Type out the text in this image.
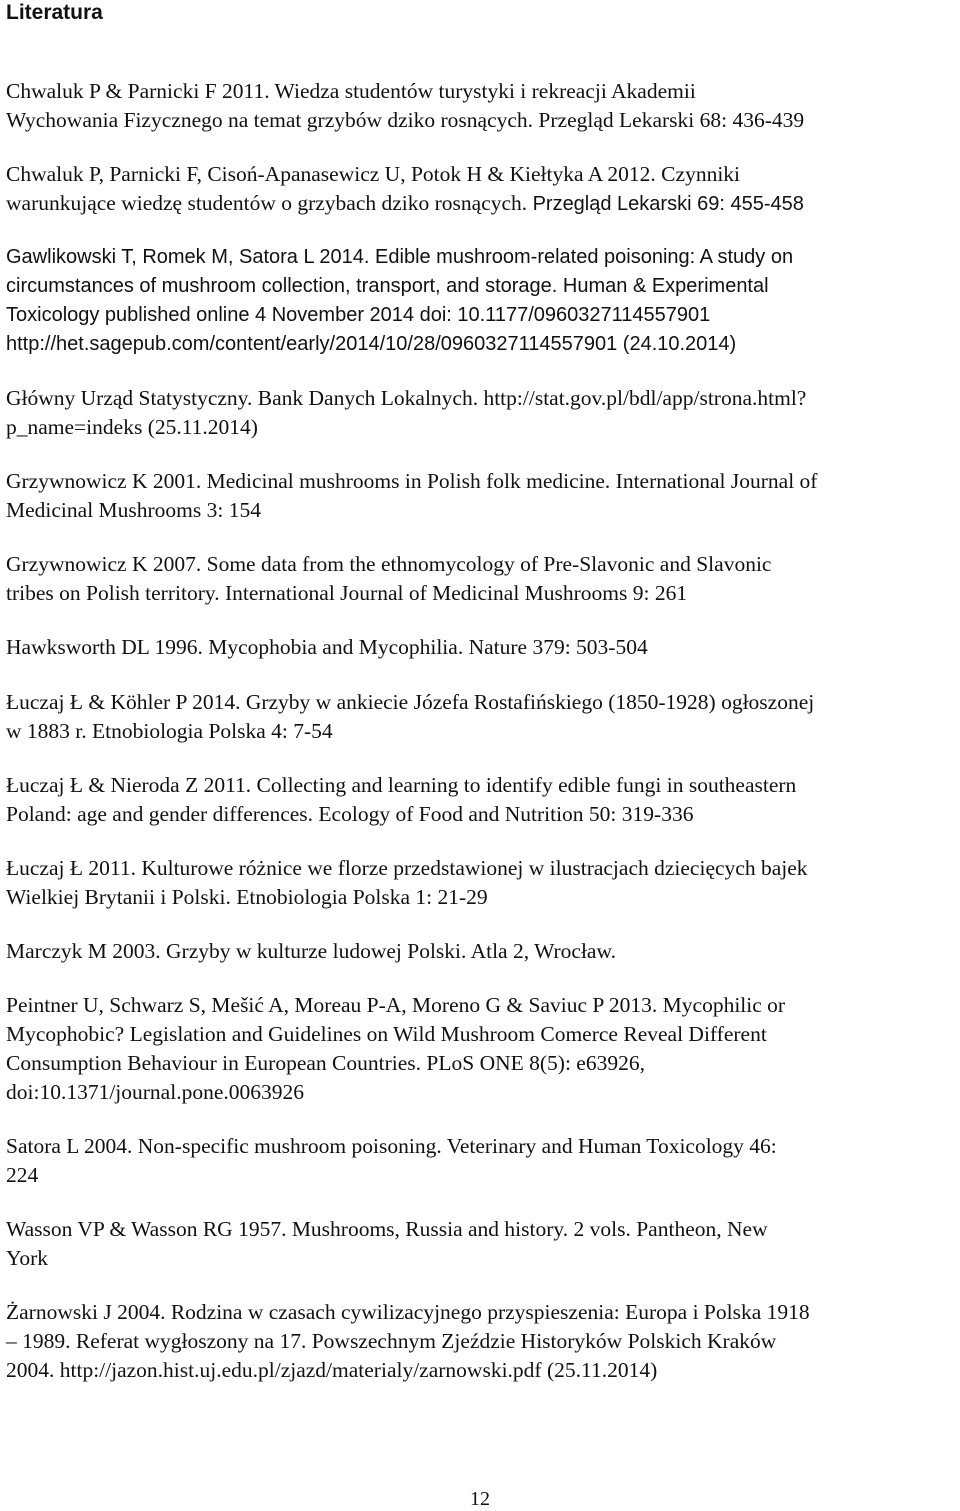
Literatura
Chwaluk P & Parnicki F 2011. Wiedza studentów turystyki i rekreacji Akademii
Wychowania Fizycznego na temat grzybów dziko rosnących. Przegląd Lekarski 68: 436-439
Chwaluk P, Parnicki F, Cisoń-Apanasewicz U, Potok H & Kiełtyka A 2012. Czynniki
warunkujące wiedzę studentów o grzybach dziko rosnących. Przegląd Lekarski 69: 455-458
Gawlikowski T, Romek M, Satora L 2014. Edible mushroom-related poisoning: A study on
circumstances of mushroom collection, transport, and storage. Human & Experimental
Toxicology published online 4 November 2014 doi: 10.1177/0960327114557901
http://het.sagepub.com/content/early/2014/10/28/0960327114557901 (24.10.2014)
Główny Urząd Statystyczny. Bank Danych Lokalnych. http://stat.gov.pl/bdl/app/strona.html?
p_name=indeks (25.11.2014)
Grzywnowicz K 2001. Medicinal mushrooms in Polish folk medicine. International Journal of
Medicinal Mushrooms 3: 154
Grzywnowicz K 2007. Some data from the ethnomycology of Pre-Slavonic and Slavonic
tribes on Polish territory. International Journal of Medicinal Mushrooms 9: 261
Hawksworth DL 1996. Mycophobia and Mycophilia. Nature 379: 503-504
Łuczaj Ł & Köhler P 2014. Grzyby w ankiecie Józefa Rostafińskiego (1850-1928) ogłoszonej
w 1883 r. Etnobiologia Polska 4: 7-54
Łuczaj Ł & Nieroda Z 2011. Collecting and learning to identify edible fungi in southeastern
Poland: age and gender differences. Ecology of Food and Nutrition 50: 319-336
Łuczaj Ł 2011. Kulturowe różnice we florze przedstawionej w ilustracjach dziecięcych bajek
Wielkiej Brytanii i Polski. Etnobiologia Polska 1: 21-29
Marczyk M 2003. Grzyby w kulturze ludowej Polski. Atla 2, Wrocław.
Peintner U, Schwarz S, Mešić A, Moreau P-A, Moreno G & Saviuc P 2013. Mycophilic or
Mycophobic? Legislation and Guidelines on Wild Mushroom Comerce Reveal Different
Consumption Behaviour in European Countries. PLoS ONE 8(5): e63926,
doi:10.1371/journal.pone.0063926
Satora L 2004. Non-specific mushroom poisoning. Veterinary and Human Toxicology 46:
224
Wasson VP & Wasson RG 1957. Mushrooms, Russia and history. 2 vols. Pantheon, New
York
Żarnowski J 2004. Rodzina w czasach cywilizacyjnego przyspieszenia: Europa i Polska 1918
– 1989. Referat wygłoszony na 17. Powszechnym Zjeździe Historyków Polskich Kraków
2004. http://jazon.hist.uj.edu.pl/zjazd/materialy/zarnowski.pdf (25.11.2014)
12
